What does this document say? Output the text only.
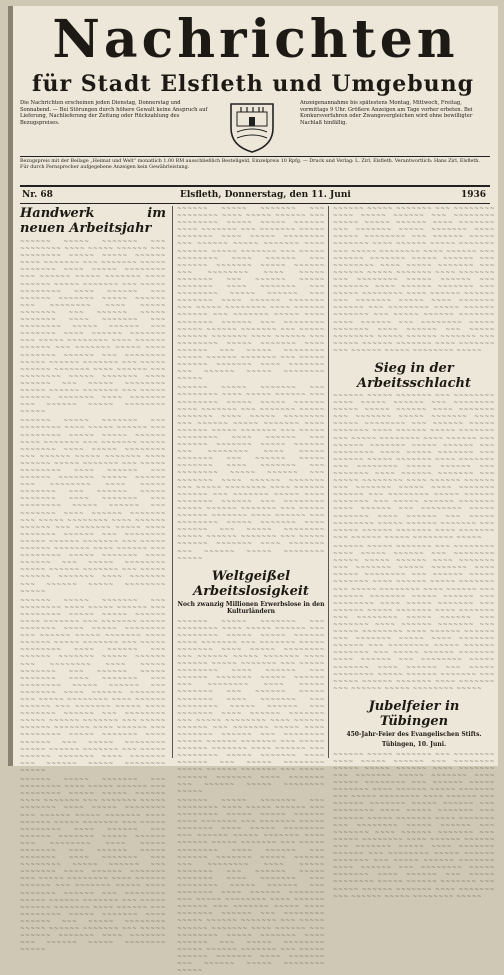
Nachrichten
für Stadt Elsfleth und Umgebung
Die Nachrichten erscheinen jeden Dienstag, Donnerstag und Sonnabend. — Bei Störungen durch höhere Gewalt keine Anspruch auf Lieferung, Nachlieferung der Zeitung oder Rückzahlung des Bezugspreises.
Anzeigenannahme bis spätestens Montag, Mittwoch, Freitag, vormittags 9 Uhr. Größere Anzeigen am Tage vorher erbeten. Bei Konkursverfahren oder Zwangsvergleichen wird ohne bewilligter Nachlaß hinfällig.
Bezugspreis mit der Beilage „Heimat und Welt“ monatlich 1.00 RM ausschließlich Bestellgeld, Einzelpreis 10 Rpfg. — Druck und Verlag: L. Zirl, Elsfleth. Verantwortlich: Hans Zirl, Elsfleth. Für durch Fernsprecher aufgegebene Anzeigen kein Gewährleistung.
Nr. 68	Elsfleth, Donnerstag, den 11. Juni	1936
Handwerk im neuen Arbeitsjahr

~~~~~~ ~~~~~ ~~~~~~~ ~~~ ~~~~~~~~ ~~~~ ~~~~~ ~~~~~~ ~~~ ~~~~~~~~ ~~~~~ ~~~~~ ~~~~~~ ~~~~ ~~~~~~~ ~~~ ~~~~~~~ ~~~~~ ~~~~~~~ ~~~~ ~~~~~ ~~~~~~~~ ~~~ ~~~~~~ ~~~~~ ~~~~~~~ ~~~~ ~~~~~~ ~~~~~ ~~~~~~~ ~~~ ~~~~~ ~~~~~~~~ ~~~~ ~~~~~~ ~~~ ~~~~~~ ~~~~~~~ ~~~~~ ~~~~~~ ~~~ ~~~~~~~~ ~~~~ ~~~~~ ~~~~~~~ ~~~ ~~~~~~ ~~~~~ ~~~~~~~ ~~~~ ~~~~~~~ ~~~ ~~~~~~~~ ~~~~~ ~~~~~~ ~~~ ~~~~~~~ ~~~~ ~~~~~~ ~~~~~~~ ~~~ ~~~~~ ~~~~~~~~ ~~~~ ~~~~~~ ~~~~~~ ~~~ ~~~~~~~ ~~~~~ ~~~~ ~~~~~~~ ~~~~~~ ~~~ ~~~~~~~~ ~~~~~ ~~~~~~ ~~~~~~~ ~~~ ~~~~~ ~~~~~~ ~~~~~~~ ~~~~ ~~~~~~ ~~~ ~~~~~~~~ ~~~~~ ~~~~~~~ ~~~~ ~~~~~~ ~~~ ~~~~~ ~~~~~~~~ ~~~~~ ~~~~~~ ~~~~~~~ ~~~ ~~~~~ ~~~~~~ ~~~~~~~ ~~~~ ~~~~~~~ ~~~ ~~~~~~ ~~~~~ ~~~~~~~~ ~~~~~

~~~~~~ ~~~~~ ~~~~~~~ ~~~ ~~~~~~~~ ~~~~ ~~~~~ ~~~~~~ ~~~ ~~~~~~~~ ~~~~~ ~~~~~ ~~~~~~ ~~~~ ~~~~~~~ ~~~ ~~~~~~~ ~~~~~ ~~~~~~~ ~~~~ ~~~~~ ~~~~~~~~ ~~~ ~~~~~~ ~~~~~ ~~~~~~~ ~~~~ ~~~~~~ ~~~~~ ~~~~~~~ ~~~ ~~~~~ ~~~~~~~~ ~~~~ ~~~~~~ ~~~ ~~~~~~ ~~~~~~~ ~~~~~ ~~~~~~ ~~~ ~~~~~~~~ ~~~~ ~~~~~ ~~~~~~~ ~~~ ~~~~~~ ~~~~~ ~~~~~~~ ~~~~ ~~~~~~~ ~~~ ~~~~~~~~ ~~~~~ ~~~~~~ ~~~ ~~~~~~~ ~~~~ ~~~~~~ ~~~~~~~ ~~~ ~~~~~ ~~~~~~~~ ~~~~ ~~~~~~ ~~~~~~ ~~~ ~~~~~~~ ~~~~~ ~~~~ ~~~~~~~ ~~~~~~ ~~~ ~~~~~~~~ ~~~~~ ~~~~~~ ~~~~~~~ ~~~ ~~~~~ ~~~~~~ ~~~~~~~ ~~~~ ~~~~~~ ~~~ ~~~~~~~~ ~~~~~ ~~~~~~~ ~~~~ ~~~~~~ ~~~ ~~~~~ ~~~~~~~~ ~~~~~ ~~~~~~ ~~~~~~~ ~~~ ~~~~~ ~~~~~~ ~~~~~~~ ~~~~ ~~~~~~~ ~~~ ~~~~~~ ~~~~~ ~~~~~~~~ ~~~~~

~~~~~~ ~~~~~ ~~~~~~~ ~~~ ~~~~~~~~ ~~~~ ~~~~~ ~~~~~~ ~~~ ~~~~~~~~ ~~~~~ ~~~~~ ~~~~~~ ~~~~ ~~~~~~~ ~~~ ~~~~~~~ ~~~~~ ~~~~~~~ ~~~~ ~~~~~ ~~~~~~~~ ~~~ ~~~~~~ ~~~~~ ~~~~~~~ ~~~~ ~~~~~~ ~~~~~ ~~~~~~~ ~~~ ~~~~~ ~~~~~~~~ ~~~~ ~~~~~~ ~~~ ~~~~~~ ~~~~~~~ ~~~~~ ~~~~~~ ~~~ ~~~~~~~~ ~~~~ ~~~~~ ~~~~~~~ ~~~ ~~~~~~ ~~~~~ ~~~~~~~ ~~~~ ~~~~~~~ ~~~ ~~~~~~~~ ~~~~~ ~~~~~~ ~~~ ~~~~~~~ ~~~~ ~~~~~~ ~~~~~~~ ~~~ ~~~~~ ~~~~~~~~ ~~~~ ~~~~~~ ~~~~~~ ~~~ ~~~~~~~ ~~~~~ ~~~~ ~~~~~~~ ~~~~~~ ~~~ ~~~~~~~~ ~~~~~ ~~~~~~ ~~~~~~~ ~~~ ~~~~~ ~~~~~~ ~~~~~~~ ~~~~ ~~~~~~ ~~~ ~~~~~~~~ ~~~~~ ~~~~~~~ ~~~~ ~~~~~~ ~~~ ~~~~~ ~~~~~~~~ ~~~~~ ~~~~~~ ~~~~~~~ ~~~ ~~~~~ ~~~~~~ ~~~~~~~ ~~~~ ~~~~~~~ ~~~ ~~~~~~ ~~~~~ ~~~~~~~~ ~~~~~

~~~~~~ ~~~~~ ~~~~~~~ ~~~ ~~~~~~~~ ~~~~ ~~~~~ ~~~~~~ ~~~ ~~~~~~~~ ~~~~~ ~~~~~ ~~~~~~ ~~~~ ~~~~~~~ ~~~ ~~~~~~~ ~~~~~ ~~~~~~~ ~~~~ ~~~~~ ~~~~~~~~ ~~~ ~~~~~~ ~~~~~ ~~~~~~~ ~~~~ ~~~~~~ ~~~~~ ~~~~~~~ ~~~ ~~~~~ ~~~~~~~~ ~~~~ ~~~~~~ ~~~ ~~~~~~ ~~~~~~~ ~~~~~ ~~~~~~ ~~~ ~~~~~~~~ ~~~~ ~~~~~ ~~~~~~~ ~~~ ~~~~~~ ~~~~~ ~~~~~~~ ~~~~ ~~~~~~~ ~~~ ~~~~~~~~ ~~~~~ ~~~~~~ ~~~ ~~~~~~~ ~~~~ ~~~~~~ ~~~~~~~ ~~~ ~~~~~ ~~~~~~~~ ~~~~ ~~~~~~ ~~~~~~ ~~~ ~~~~~~~ ~~~~~ ~~~~ ~~~~~~~ ~~~~~~ ~~~ ~~~~~~~~ ~~~~~ ~~~~~~ ~~~~~~~ ~~~ ~~~~~ ~~~~~~ ~~~~~~~ ~~~~ ~~~~~~ ~~~ ~~~~~~~~ ~~~~~ ~~~~~~~ ~~~~ ~~~~~~ ~~~ ~~~~~ ~~~~~~~~ ~~~~~ ~~~~~~ ~~~~~~~ ~~~ ~~~~~ ~~~~~~ ~~~~~~~ ~~~~ ~~~~~~~ ~~~ ~~~~~~ ~~~~~ ~~~~~~~~ ~~~~~

~~~~~~ ~~~~~ ~~~~~~~ ~~~ ~~~~~~~~ ~~~~ ~~~~~ ~~~~~~ ~~~ ~~~~~~~~ ~~~~~ ~~~~~ ~~~~~~ ~~~~ ~~~~~~~ ~~~ ~~~~~~~ ~~~~~ ~~~~~~~ ~~~~ ~~~~~ ~~~~~~~~ ~~~ ~~~~~~ ~~~~~ ~~~~~~~ ~~~~ ~~~~~~ ~~~~~ ~~~~~~~ ~~~ ~~~~~ ~~~~~~~~ ~~~~ ~~~~~~ ~~~ ~~~~~~ ~~~~~~~ ~~~~~ ~~~~~~ ~~~ ~~~~~~~~ ~~~~ ~~~~~ ~~~~~~~ ~~~ ~~~~~~ ~~~~~ ~~~~~~~ ~~~~ ~~~~~~~ ~~~ ~~~~~~~~ ~~~~~ ~~~~~~ ~~~ ~~~~~~~ ~~~~ ~~~~~~ ~~~~~~~ ~~~ ~~~~~ ~~~~~~~~ ~~~~ ~~~~~~ ~~~~~~ ~~~ ~~~~~~~ ~~~~~ ~~~~ ~~~~~~~ ~~~~~~ ~~~ ~~~~~~~~ ~~~~~ ~~~~~~ ~~~~~~~ ~~~ ~~~~~ ~~~~~~ ~~~~~~~ ~~~~ ~~~~~~ ~~~ ~~~~~~~~ ~~~~~ ~~~~~~~ ~~~~ ~~~~~~ ~~~ ~~~~~ ~~~~~~~~ ~~~~~ ~~~~~~ ~~~~~~~ ~~~ ~~~~~ ~~~~~~ ~~~~~~~ ~~~~ ~~~~~~~ ~~~ ~~~~~~ ~~~~~ ~~~~~~~~ ~~~~~

~~~~~~ ~~~~~ ~~~~~~~ ~~~ ~~~~~~~~ ~~~~ ~~~~~ ~~~~~~ ~~~ ~~~~~~~~ ~~~~~ ~~~~~ ~~~~~~ ~~~~ ~~~~~~~ ~~~ ~~~~~~~ ~~~~~ ~~~~~~~ ~~~~ ~~~~~ ~~~~~~~~ ~~~ ~~~~~~ ~~~~~ ~~~~~~~ ~~~~ ~~~~~~ ~~~~~ ~~~~~~~ ~~~ ~~~~~ ~~~~~~~~ ~~~~ ~~~~~~ ~~~ ~~~~~~ ~~~~~~~ ~~~~~ ~~~~~~ ~~~ ~~~~~~~~ ~~~~ ~~~~~ ~~~~~~~ ~~~ ~~~~~~ ~~~~~ ~~~~~~~ ~~~~ ~~~~~~~ ~~~ ~~~~~~~~ ~~~~~ ~~~~~~ ~~~ ~~~~~~~ ~~~~ ~~~~~~ ~~~~~~~ ~~~ ~~~~~ ~~~~~~~~ ~~~~ ~~~~~~ ~~~~~~ ~~~ ~~~~~~~ ~~~~~ ~~~~ ~~~~~~~ ~~~~~~ ~~~ ~~~~~~~~ ~~~~~ ~~~~~~ ~~~~~~~ ~~~ ~~~~~ ~~~~~~ ~~~~~~~ ~~~~ ~~~~~~ ~~~ ~~~~~~~~ ~~~~~ ~~~~~~~ ~~~~ ~~~~~~ ~~~ ~~~~~ ~~~~~~~~ ~~~~~ ~~~~~~ ~~~~~~~ ~~~ ~~~~~ ~~~~~~ ~~~~~~~ ~~~~ ~~~~~~~ ~~~ ~~~~~~ ~~~~~ ~~~~~~~~ ~~~~~

Weltgeißel Arbeitslosigkeit
Noch zwanzig Millionen Erwerbslose in den Kulturländern

~~~~~~ ~~~~~ ~~~~~~~ ~~~ ~~~~~~~~ ~~~~ ~~~~~ ~~~~~~ ~~~ ~~~~~~~~ ~~~~~ ~~~~~ ~~~~~~ ~~~~ ~~~~~~~ ~~~ ~~~~~~~ ~~~~~ ~~~~~~~ ~~~~ ~~~~~ ~~~~~~~~ ~~~ ~~~~~~ ~~~~~ ~~~~~~~ ~~~~ ~~~~~~ ~~~~~ ~~~~~~~ ~~~ ~~~~~ ~~~~~~~~ ~~~~ ~~~~~~ ~~~ ~~~~~~ ~~~~~~~ ~~~~~ ~~~~~~ ~~~ ~~~~~~~~ ~~~~ ~~~~~ ~~~~~~~ ~~~ ~~~~~~ ~~~~~ ~~~~~~~ ~~~~ ~~~~~~~ ~~~ ~~~~~~~~ ~~~~~ ~~~~~~ ~~~ ~~~~~~~ ~~~~ ~~~~~~ ~~~~~~~ ~~~ ~~~~~ ~~~~~~~~ ~~~~ ~~~~~~ ~~~~~~ ~~~ ~~~~~~~ ~~~~~ ~~~~ ~~~~~~~ ~~~~~~ ~~~ ~~~~~~~~ ~~~~~ ~~~~~~ ~~~~~~~ ~~~ ~~~~~ ~~~~~~ ~~~~~~~ ~~~~ ~~~~~~ ~~~ ~~~~~~~~ ~~~~~ ~~~~~~~ ~~~~ ~~~~~~ ~~~ ~~~~~ ~~~~~~~~ ~~~~~ ~~~~~~ ~~~~~~~ ~~~ ~~~~~ ~~~~~~ ~~~~~~~ ~~~~ ~~~~~~~ ~~~ ~~~~~~ ~~~~~ ~~~~~~~~ ~~~~~

~~~~~~ ~~~~~ ~~~~~~~ ~~~ ~~~~~~~~ ~~~~ ~~~~~ ~~~~~~ ~~~ ~~~~~~~~ ~~~~~ ~~~~~ ~~~~~~ ~~~~ ~~~~~~~ ~~~ ~~~~~~~ ~~~~~ ~~~~~~~ ~~~~ ~~~~~ ~~~~~~~~ ~~~ ~~~~~~ ~~~~~ ~~~~~~~ ~~~~ ~~~~~~ ~~~~~ ~~~~~~~ ~~~ ~~~~~ ~~~~~~~~ ~~~~ ~~~~~~ ~~~ ~~~~~~ ~~~~~~~ ~~~~~ ~~~~~~ ~~~ ~~~~~~~~ ~~~~ ~~~~~ ~~~~~~~ ~~~ ~~~~~~ ~~~~~ ~~~~~~~ ~~~~ ~~~~~~~ ~~~ ~~~~~~~~ ~~~~~ ~~~~~~ ~~~ ~~~~~~~ ~~~~ ~~~~~~ ~~~~~~~ ~~~ ~~~~~ ~~~~~~~~ ~~~~ ~~~~~~ ~~~~~~ ~~~ ~~~~~~~ ~~~~~ ~~~~ ~~~~~~~ ~~~~~~ ~~~ ~~~~~~~~ ~~~~~ ~~~~~~ ~~~~~~~ ~~~ ~~~~~ ~~~~~~ ~~~~~~~ ~~~~ ~~~~~~ ~~~ ~~~~~~~~ ~~~~~ ~~~~~~~ ~~~~ ~~~~~~ ~~~ ~~~~~ ~~~~~~~~ ~~~~~ ~~~~~~ ~~~~~~~ ~~~ ~~~~~ ~~~~~~ ~~~~~~~ ~~~~ ~~~~~~~ ~~~ ~~~~~~ ~~~~~ ~~~~~~~~ ~~~~~

~~~~~~ ~~~~~ ~~~~~~~ ~~~ ~~~~~~~~ ~~~~ ~~~~~ ~~~~~~ ~~~ ~~~~~~~~ ~~~~~ ~~~~~ ~~~~~~ ~~~~ ~~~~~~~ ~~~ ~~~~~~~ ~~~~~ ~~~~~~~ ~~~~ ~~~~~ ~~~~~~~~ ~~~ ~~~~~~ ~~~~~ ~~~~~~~ ~~~~ ~~~~~~ ~~~~~ ~~~~~~~ ~~~ ~~~~~ ~~~~~~~~ ~~~~ ~~~~~~ ~~~ ~~~~~~ ~~~~~~~ ~~~~~ ~~~~~~ ~~~ ~~~~~~~~ ~~~~ ~~~~~ ~~~~~~~ ~~~ ~~~~~~ ~~~~~ ~~~~~~~ ~~~~ ~~~~~~~ ~~~ ~~~~~~~~ ~~~~~ ~~~~~~ ~~~ ~~~~~~~ ~~~~ ~~~~~~ ~~~~~~~ ~~~ ~~~~~ ~~~~~~~~ ~~~~ ~~~~~~ ~~~~~~ ~~~ ~~~~~~~ ~~~~~ ~~~~ ~~~~~~~ ~~~~~~ ~~~ ~~~~~~~~ ~~~~~ ~~~~~~ ~~~~~~~ ~~~ ~~~~~ ~~~~~~ ~~~~~~~ ~~~~ ~~~~~~ ~~~ ~~~~~~~~ ~~~~~ ~~~~~~~ ~~~~ ~~~~~~ ~~~ ~~~~~ ~~~~~~~~ ~~~~~ ~~~~~~ ~~~~~~~ ~~~ ~~~~~ ~~~~~~ ~~~~~~~ ~~~~ ~~~~~~~ ~~~ ~~~~~~ ~~~~~ ~~~~~~~~ ~~~~~

Sieg in der Arbeitsschlacht

~~~~~~ ~~~~~ ~~~~~~~ ~~~ ~~~~~~~~ ~~~~ ~~~~~ ~~~~~~ ~~~ ~~~~~~~~ ~~~~~ ~~~~~ ~~~~~~ ~~~~ ~~~~~~~ ~~~ ~~~~~~~ ~~~~~ ~~~~~~~ ~~~~ ~~~~~ ~~~~~~~~ ~~~ ~~~~~~ ~~~~~ ~~~~~~~ ~~~~ ~~~~~~ ~~~~~ ~~~~~~~ ~~~ ~~~~~ ~~~~~~~~ ~~~~ ~~~~~~ ~~~ ~~~~~~ ~~~~~~~ ~~~~~ ~~~~~~ ~~~ ~~~~~~~~ ~~~~ ~~~~~ ~~~~~~~ ~~~ ~~~~~~ ~~~~~ ~~~~~~~ ~~~~ ~~~~~~~ ~~~ ~~~~~~~~ ~~~~~ ~~~~~~ ~~~ ~~~~~~~ ~~~~ ~~~~~~ ~~~~~~~ ~~~ ~~~~~ ~~~~~~~~ ~~~~ ~~~~~~ ~~~~~~ ~~~ ~~~~~~~ ~~~~~ ~~~~ ~~~~~~~ ~~~~~~ ~~~ ~~~~~~~~ ~~~~~ ~~~~~~ ~~~~~~~ ~~~ ~~~~~ ~~~~~~ ~~~~~~~ ~~~~ ~~~~~~ ~~~ ~~~~~~~~ ~~~~~ ~~~~~~~ ~~~~ ~~~~~~ ~~~ ~~~~~ ~~~~~~~~ ~~~~~ ~~~~~~ ~~~~~~~ ~~~ ~~~~~ ~~~~~~ ~~~~~~~ ~~~~ ~~~~~~~ ~~~ ~~~~~~ ~~~~~ ~~~~~~~~ ~~~~~

~~~~~~ ~~~~~ ~~~~~~~ ~~~ ~~~~~~~~ ~~~~ ~~~~~ ~~~~~~ ~~~ ~~~~~~~~ ~~~~~ ~~~~~ ~~~~~~ ~~~~ ~~~~~~~ ~~~ ~~~~~~~ ~~~~~ ~~~~~~~ ~~~~ ~~~~~ ~~~~~~~~ ~~~ ~~~~~~ ~~~~~ ~~~~~~~ ~~~~ ~~~~~~ ~~~~~ ~~~~~~~ ~~~ ~~~~~ ~~~~~~~~ ~~~~ ~~~~~~ ~~~ ~~~~~~ ~~~~~~~ ~~~~~ ~~~~~~ ~~~ ~~~~~~~~ ~~~~ ~~~~~ ~~~~~~~ ~~~ ~~~~~~ ~~~~~ ~~~~~~~ ~~~~ ~~~~~~~ ~~~ ~~~~~~~~ ~~~~~ ~~~~~~ ~~~ ~~~~~~~ ~~~~ ~~~~~~ ~~~~~~~ ~~~ ~~~~~ ~~~~~~~~ ~~~~ ~~~~~~ ~~~~~~ ~~~ ~~~~~~~ ~~~~~ ~~~~ ~~~~~~~ ~~~~~~ ~~~ ~~~~~~~~ ~~~~~ ~~~~~~ ~~~~~~~ ~~~ ~~~~~ ~~~~~~ ~~~~~~~ ~~~~ ~~~~~~ ~~~ ~~~~~~~~ ~~~~~ ~~~~~~~ ~~~~ ~~~~~~ ~~~ ~~~~~ ~~~~~~~~ ~~~~~ ~~~~~~ ~~~~~~~ ~~~ ~~~~~ ~~~~~~ ~~~~~~~ ~~~~ ~~~~~~~ ~~~ ~~~~~~ ~~~~~ ~~~~~~~~ ~~~~~

Jubelfeier in Tübingen
450-Jahr-Feier des Evangelischen Stifts.
Tübingen, 10. Juni.

~~~~~~ ~~~~~ ~~~~~~~ ~~~ ~~~~~~~~ ~~~~ ~~~~~ ~~~~~~ ~~~ ~~~~~~~~ ~~~~~ ~~~~~ ~~~~~~ ~~~~ ~~~~~~~ ~~~ ~~~~~~~ ~~~~~ ~~~~~~~ ~~~~ ~~~~~ ~~~~~~~~ ~~~ ~~~~~~ ~~~~~ ~~~~~~~ ~~~~ ~~~~~~ ~~~~~ ~~~~~~~ ~~~ ~~~~~ ~~~~~~~~ ~~~~ ~~~~~~ ~~~ ~~~~~~ ~~~~~~~ ~~~~~ ~~~~~~ ~~~ ~~~~~~~~ ~~~~ ~~~~~ ~~~~~~~ ~~~ ~~~~~~ ~~~~~ ~~~~~~~ ~~~~ ~~~~~~~ ~~~ ~~~~~~~~ ~~~~~ ~~~~~~ ~~~ ~~~~~~~ ~~~~ ~~~~~~ ~~~~~~~ ~~~ ~~~~~ ~~~~~~~~ ~~~~ ~~~~~~ ~~~~~~ ~~~ ~~~~~~~ ~~~~~ ~~~~ ~~~~~~~ ~~~~~~ ~~~ ~~~~~~~~ ~~~~~ ~~~~~~ ~~~~~~~ ~~~ ~~~~~ ~~~~~~ ~~~~~~~ ~~~~ ~~~~~~ ~~~ ~~~~~~~~ ~~~~~ ~~~~~~~ ~~~~ ~~~~~~ ~~~ ~~~~~ ~~~~~~~~ ~~~~~ ~~~~~~ ~~~~~~~ ~~~ ~~~~~ ~~~~~~ ~~~~~~~ ~~~~ ~~~~~~~ ~~~ ~~~~~~ ~~~~~ ~~~~~~~~ ~~~~~
